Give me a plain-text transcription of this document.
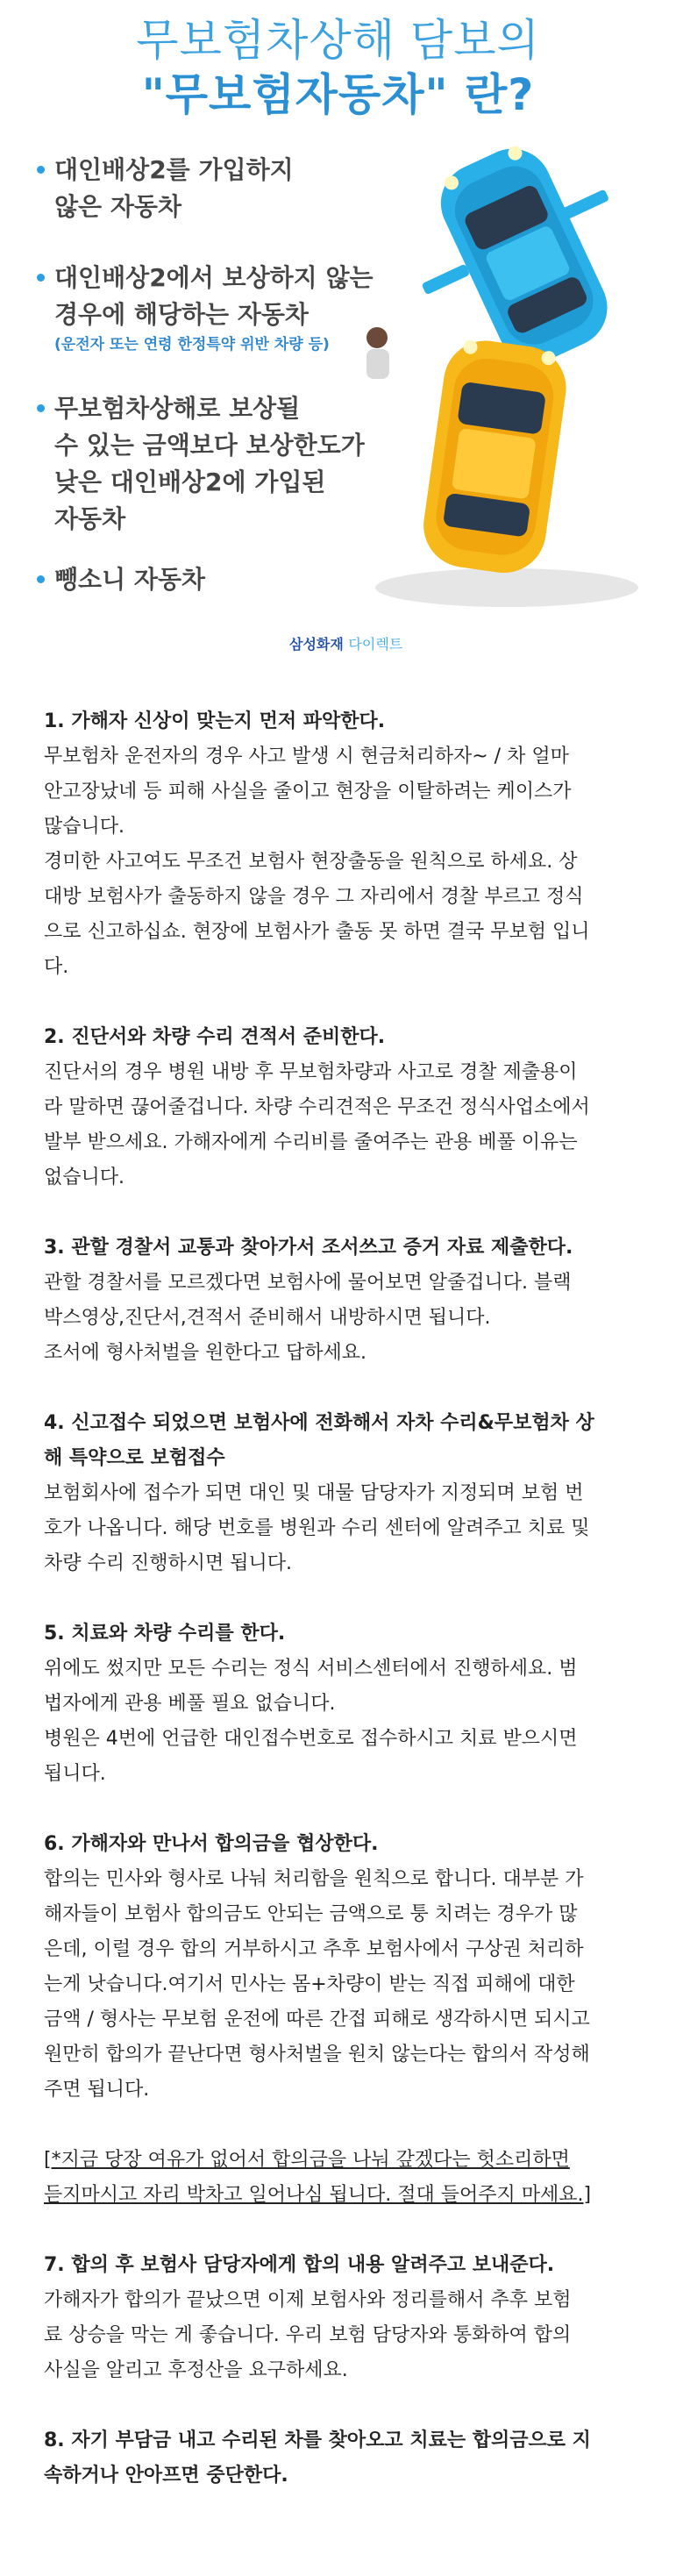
무보험차상해 담보의
"무보험자동차" 란?
대인배상2를 가입하지
않은 자동차
대인배상2에서 보상하지 않는
경우에 해당하는 자동차
(운전자 또는 연령 한정특약 위반 차량 등)
무보험차상해로 보상될
수 있는 금액보다 보상한도가
낮은 대인배상2에 가입된
자동차
뺑소니 자동차
삼성화재 다이렉트
1. 가해자 신상이 맞는지 먼저 파악한다.
무보험차 운전자의 경우 사고 발생 시 현금처리하자~ / 차 얼마
안고장났네 등 피해 사실을 줄이고 현장을 이탈하려는 케이스가
많습니다.
경미한 사고여도 무조건 보험사 현장출동을 원칙으로 하세요. 상
대방 보험사가 출동하지 않을 경우 그 자리에서 경찰 부르고 정식
으로 신고하십쇼. 현장에 보험사가 출동 못 하면 결국 무보험 입니
다.
2. 진단서와 차량 수리 견적서 준비한다.
진단서의 경우 병원 내방 후 무보험차량과 사고로 경찰 제출용이
라 말하면 끊어줄겁니다. 차량 수리견적은 무조건 정식사업소에서
발부 받으세요. 가해자에게 수리비를 줄여주는 관용 베풀 이유는
없습니다.
3. 관할 경찰서 교통과 찾아가서 조서쓰고 증거 자료 제출한다.
관할 경찰서를 모르겠다면 보험사에 물어보면 알줄겁니다. 블랙
박스영상,진단서,견적서 준비해서 내방하시면 됩니다.
조서에 형사처벌을 원한다고 답하세요.
4. 신고접수 되었으면 보험사에 전화해서 자차 수리&무보험차 상
해 특약으로 보험접수
보험회사에 접수가 되면 대인 및 대물 담당자가 지정되며 보험 번
호가 나옵니다. 해당 번호를 병원과 수리 센터에 알려주고 치료 및
차량 수리 진행하시면 됩니다.
5. 치료와 차량 수리를 한다.
위에도 썼지만 모든 수리는 정식 서비스센터에서 진행하세요. 범
법자에게 관용 베풀 필요 없습니다.
병원은 4번에 언급한 대인접수번호로 접수하시고 치료 받으시면
됩니다.
6. 가해자와 만나서 합의금을 협상한다.
합의는 민사와 형사로 나눠 처리함을 원칙으로 합니다. 대부분 가
해자들이 보험사 합의금도 안되는 금액으로 퉁 치려는 경우가 많
은데, 이럴 경우 합의 거부하시고 추후 보험사에서 구상권 처리하
는게 낫습니다.여기서 민사는 몸+차량이 받는 직접 피해에 대한
금액 / 형사는 무보험 운전에 따른 간접 피해로 생각하시면 되시고
원만히 합의가 끝난다면 형사처벌을 원치 않는다는 합의서 작성해
주면 됩니다.
[*지금 당장 여유가 없어서 합의금을 나눠 갚겠다는 헛소리하면
듣지마시고 자리 박차고 일어나심 됩니다. 절대 들어주지 마세요.]
7. 합의 후 보험사 담당자에게 합의 내용 알려주고 보내준다.
가해자가 합의가 끝났으면 이제 보험사와 정리를해서 추후 보험
료 상승을 막는 게 좋습니다. 우리 보험 담당자와 통화하여 합의
사실을 알리고 후정산을 요구하세요.
8. 자기 부담금 내고 수리된 차를 찾아오고 치료는 합의금으로 지
속하거나 안아프면 중단한다.
